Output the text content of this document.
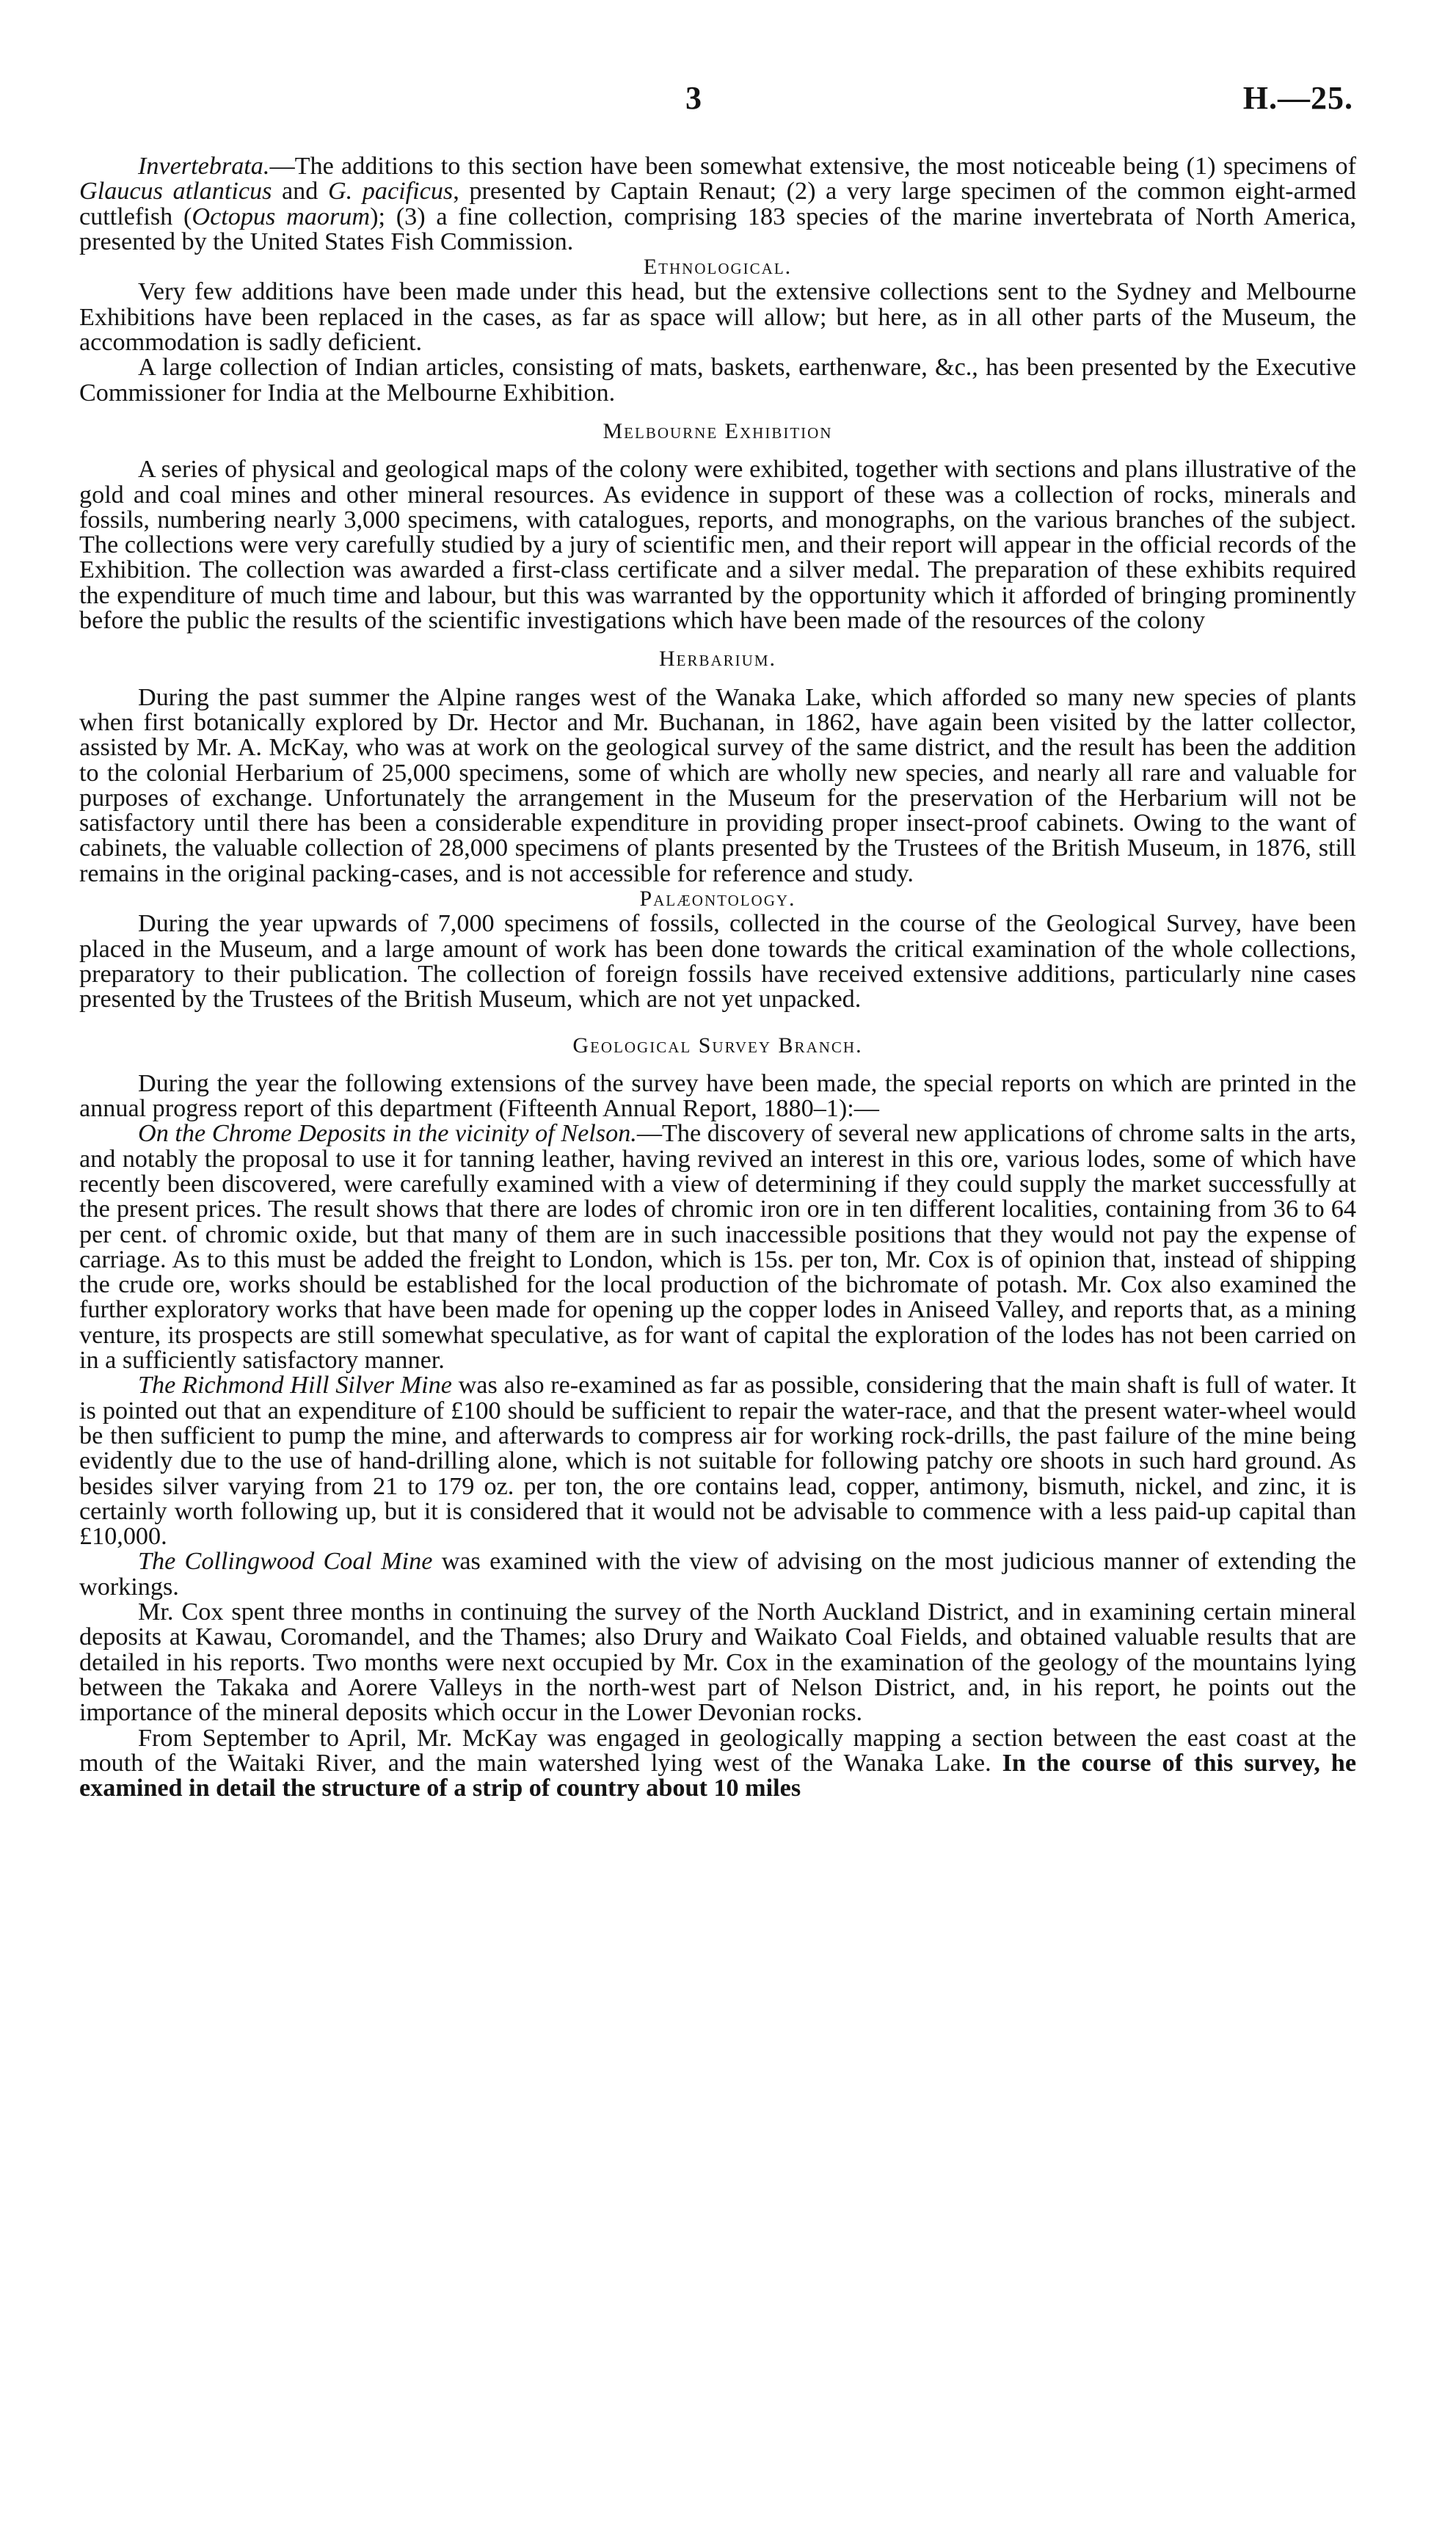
3	H.—25.

Invertebrata.—The additions to this section have been somewhat extensive, the most noticeable being (1) specimens of Glaucus atlanticus and G. pacificus, presented by Captain Renaut; (2) a very large specimen of the common eight-armed cuttlefish (Octopus maorum); (3) a fine collection, comprising 183 species of the marine invertebrata of North America, presented by the United States Fish Commission.

Ethnological.

Very few additions have been made under this head, but the extensive collections sent to the Sydney and Melbourne Exhibitions have been replaced in the cases, as far as space will allow; but here, as in all other parts of the Museum, the accommodation is sadly deficient.

A large collection of Indian articles, consisting of mats, baskets, earthenware, &c., has been presented by the Executive Commissioner for India at the Melbourne Exhibition.

Melbourne Exhibition

A series of physical and geological maps of the colony were exhibited, together with sections and plans illustrative of the gold and coal mines and other mineral resources. As evidence in support of these was a collection of rocks, minerals and fossils, numbering nearly 3,000 specimens, with catalogues, reports, and monographs, on the various branches of the subject. The collections were very carefully studied by a jury of scientific men, and their report will appear in the official records of the Exhibition. The collection was awarded a first-class certificate and a silver medal. The preparation of these exhibits required the expenditure of much time and labour, but this was warranted by the opportunity which it afforded of bringing prominently before the public the results of the scientific investigations which have been made of the resources of the colony

Herbarium.

During the past summer the Alpine ranges west of the Wanaka Lake, which afforded so many new species of plants when first botanically explored by Dr. Hector and Mr. Buchanan, in 1862, have again been visited by the latter collector, assisted by Mr. A. McKay, who was at work on the geological survey of the same district, and the result has been the addition to the colonial Herbarium of 25,000 specimens, some of which are wholly new species, and nearly all rare and valuable for purposes of exchange. Unfortunately the arrangement in the Museum for the preservation of the Herbarium will not be satisfactory until there has been a considerable expenditure in providing proper insect-proof cabinets. Owing to the want of cabinets, the valuable collection of 28,000 specimens of plants presented by the Trustees of the British Museum, in 1876, still remains in the original packing-cases, and is not accessible for reference and study.

Palæontology.

During the year upwards of 7,000 specimens of fossils, collected in the course of the Geological Survey, have been placed in the Museum, and a large amount of work has been done towards the critical examination of the whole collections, preparatory to their publication. The collection of foreign fossils have received extensive additions, particularly nine cases presented by the Trustees of the British Museum, which are not yet unpacked.

Geological Survey Branch.

During the year the following extensions of the survey have been made, the special reports on which are printed in the annual progress report of this department (Fifteenth Annual Report, 1880–1):—

On the Chrome Deposits in the vicinity of Nelson.—The discovery of several new applications of chrome salts in the arts, and notably the proposal to use it for tanning leather, having revived an interest in this ore, various lodes, some of which have recently been discovered, were carefully examined with a view of determining if they could supply the market successfully at the present prices. The result shows that there are lodes of chromic iron ore in ten different localities, containing from 36 to 64 per cent. of chromic oxide, but that many of them are in such inaccessible positions that they would not pay the expense of carriage. As to this must be added the freight to London, which is 15s. per ton, Mr. Cox is of opinion that, instead of shipping the crude ore, works should be established for the local production of the bichromate of potash. Mr. Cox also examined the further exploratory works that have been made for opening up the copper lodes in Aniseed Valley, and reports that, as a mining venture, its prospects are still somewhat speculative, as for want of capital the exploration of the lodes has not been carried on in a sufficiently satisfactory manner.

The Richmond Hill Silver Mine was also re-examined as far as possible, considering that the main shaft is full of water. It is pointed out that an expenditure of £100 should be sufficient to repair the water-race, and that the present water-wheel would be then sufficient to pump the mine, and afterwards to compress air for working rock-drills, the past failure of the mine being evidently due to the use of hand-drilling alone, which is not suitable for following patchy ore shoots in such hard ground. As besides silver varying from 21 to 179 oz. per ton, the ore contains lead, copper, antimony, bismuth, nickel, and zinc, it is certainly worth following up, but it is considered that it would not be advisable to commence with a less paid-up capital than £10,000.

The Collingwood Coal Mine was examined with the view of advising on the most judicious manner of extending the workings.

Mr. Cox spent three months in continuing the survey of the North Auckland District, and in examining certain mineral deposits at Kawau, Coromandel, and the Thames; also Drury and Waikato Coal Fields, and obtained valuable results that are detailed in his reports. Two months were next occupied by Mr. Cox in the examination of the geology of the mountains lying between the Takaka and Aorere Valleys in the north-west part of Nelson District, and, in his report, he points out the importance of the mineral deposits which occur in the Lower Devonian rocks.

From September to April, Mr. McKay was engaged in geologically mapping a section between the east coast at the mouth of the Waitaki River, and the main watershed lying west of the Wanaka Lake. In the course of this survey, he examined in detail the structure of a strip of country about 10 miles
